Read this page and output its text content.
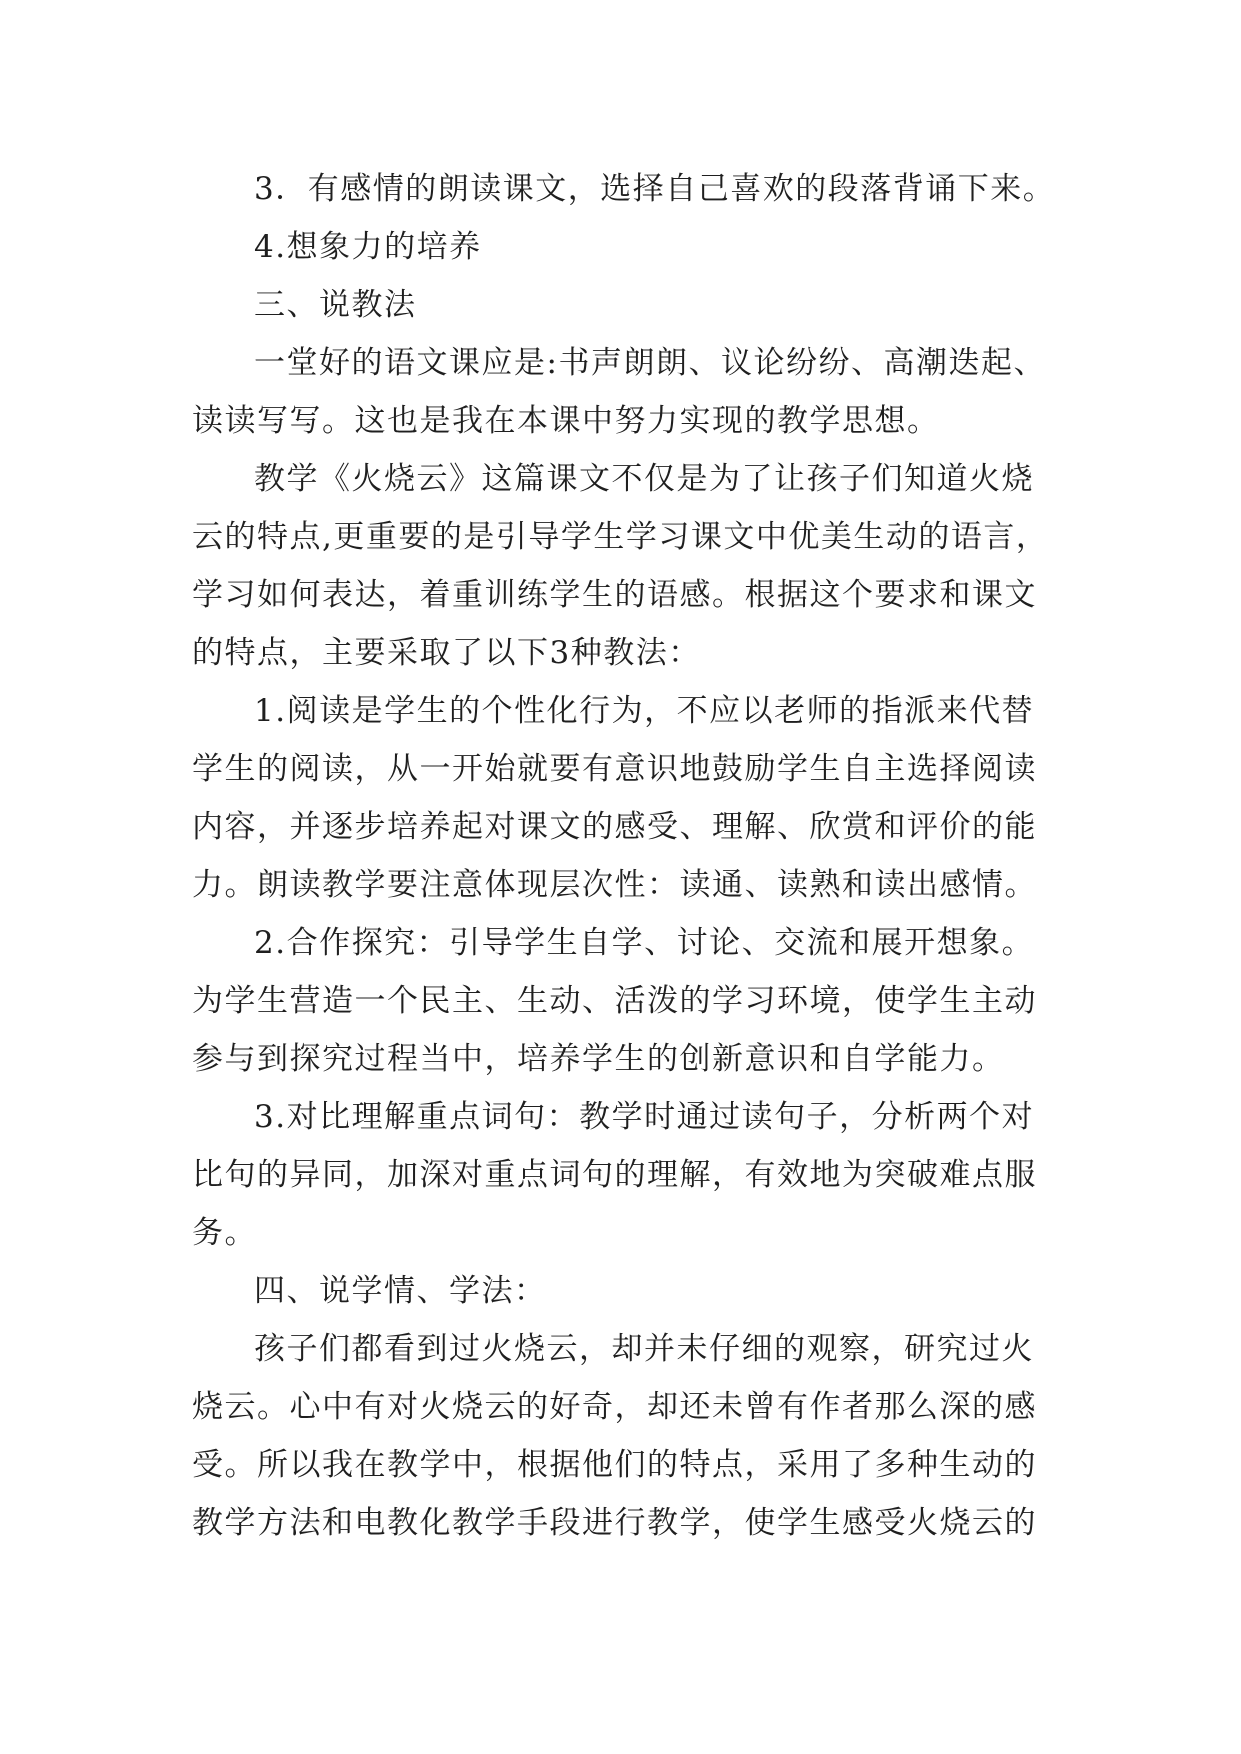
3．有感情的朗读课文，选择自己喜欢的段落背诵下来。

4.想象力的培养

三、说教法

一堂好的语文课应是:书声朗朗、议论纷纷、高潮迭起、读读写写。这也是我在本课中努力实现的教学思想。

教学《火烧云》这篇课文不仅是为了让孩子们知道火烧云的特点,更重要的是引导学生学习课文中优美生动的语言，学习如何表达，着重训练学生的语感。根据这个要求和课文的特点，主要采取了以下3种教法：

1.阅读是学生的个性化行为，不应以老师的指派来代替学生的阅读，从一开始就要有意识地鼓励学生自主选择阅读内容，并逐步培养起对课文的感受、理解、欣赏和评价的能力。朗读教学要注意体现层次性：读通、读熟和读出感情。

2.合作探究：引导学生自学、讨论、交流和展开想象。为学生营造一个民主、生动、活泼的学习环境，使学生主动参与到探究过程当中，培养学生的创新意识和自学能力。

3.对比理解重点词句：教学时通过读句子，分析两个对比句的异同，加深对重点词句的理解，有效地为突破难点服务。

四、说学情、学法：

孩子们都看到过火烧云，却并未仔细的观察，研究过火烧云。心中有对火烧云的好奇，却还未曾有作者那么深的感受。所以我在教学中，根据他们的特点，采用了多种生动的教学方法和电教化教学手段进行教学，使学生感受火烧云的
